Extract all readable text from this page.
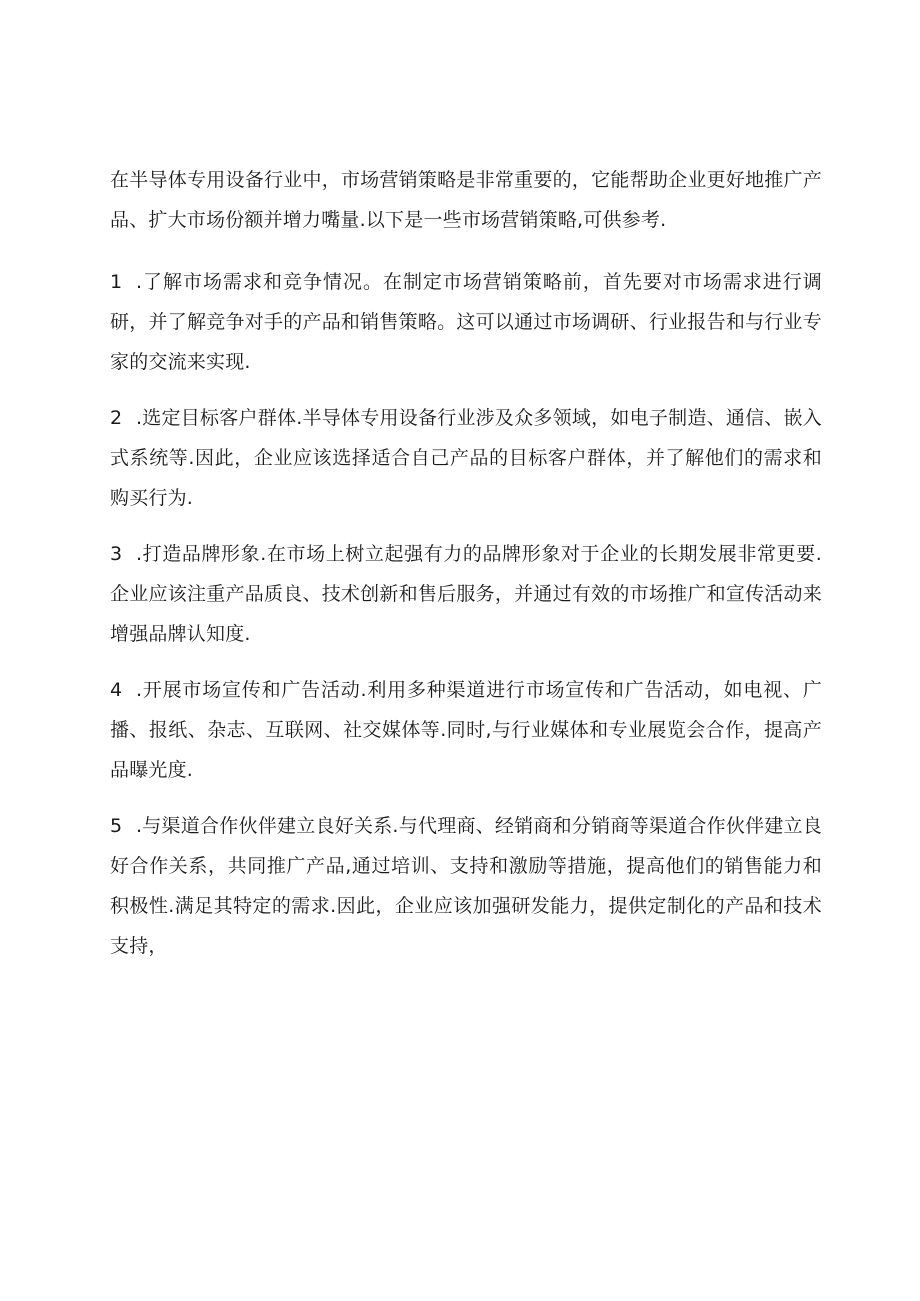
在半导体专用设备行业中，市场营销策略是非常重要的，它能帮助企业更好地推广产品、扩大市场份额并增力嘴量.以下是一些市场营销策略,可供参考.

1 .了解市场需求和竞争情况。在制定市场营销策略前，首先要对市场需求进行调研，并了解竞争对手的产品和销售策略。这可以通过市场调研、行业报告和与行业专家的交流来实现.

2 .选定目标客户群体.半导体专用设备行业涉及众多领域，如电子制造、通信、嵌入式系统等.因此，企业应该选择适合自己产品的目标客户群体，并了解他们的需求和购买行为.

3 .打造品牌形象.在市场上树立起强有力的品牌形象对于企业的长期发展非常更要.企业应该注重产品质良、技术创新和售后服务，并通过有效的市场推广和宣传活动来增强品牌认知度.

4 .开展市场宣传和广告活动.利用多种渠道进行市场宣传和广告活动，如电视、广播、报纸、杂志、互联网、社交媒体等.同时,与行业媒体和专业展览会合作，提高产品曝光度.

5 .与渠道合作伙伴建立良好关系.与代理商、经销商和分销商等渠道合作伙伴建立良好合作关系，共同推广产品,通过培训、支持和激励等措施，提高他们的销售能力和积极性.满足其特定的需求.因此，企业应该加强研发能力，提供定制化的产品和技术支持，
